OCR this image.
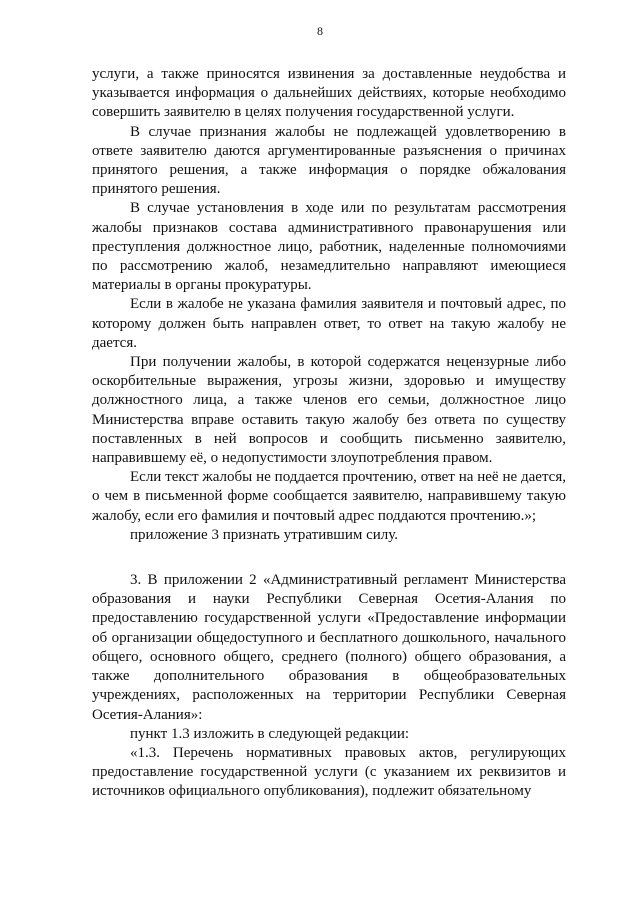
8

услуги, а также приносятся извинения за доставленные неудобства и указывается информация о дальнейших действиях, которые необходимо совершить заявителю в целях получения государственной услуги.

В случае признания жалобы не подлежащей удовлетворению в ответе заявителю даются аргументированные разъяснения о причинах принятого решения, а также информация о порядке обжалования принятого решения.

В случае установления в ходе или по результатам рассмотрения жалобы признаков состава административного правонарушения или преступления должностное лицо, работник, наделенные полномочиями по рассмотрению жалоб, незамедлительно направляют имеющиеся материалы в органы прокуратуры.

Если в жалобе не указана фамилия заявителя и почтовый адрес, по которому должен быть направлен ответ, то ответ на такую жалобу не дается.

При получении жалобы, в которой содержатся нецензурные либо оскорбительные выражения, угрозы жизни, здоровью и имуществу должностного лица, а также членов его семьи, должностное лицо Министерства вправе оставить такую жалобу без ответа по существу поставленных в ней вопросов и сообщить письменно заявителю, направившему её, о недопустимости злоупотребления правом.

Если текст жалобы не поддается прочтению, ответ на неё не дается, о чем в письменной форме сообщается заявителю, направившему такую жалобу, если его фамилия и почтовый адрес поддаются прочтению.»;

приложение 3 признать утратившим силу.

3. В приложении 2 «Административный регламент Министерства образования и науки Республики Северная Осетия-Алания по предоставлению государственной услуги «Предоставление информации об организации общедоступного и бесплатного дошкольного, начального общего, основного общего, среднего (полного) общего образования, а также дополнительного образования в общеобразовательных учреждениях, расположенных на территории Республики Северная Осетия-Алания»:

пункт 1.3 изложить в следующей редакции:

«1.3. Перечень нормативных правовых актов, регулирующих предоставление государственной услуги (с указанием их реквизитов и источников официального опубликования), подлежит обязательному
